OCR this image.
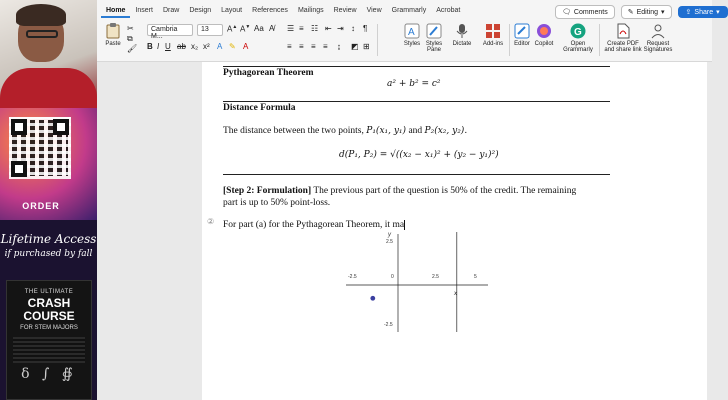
ORDER
Lifetime Access
if purchased by fall
THE ULTIMATE
CRASH COURSE
FOR STEM MAJORS
δ ∫ ∯
Home	Insert	Draw	Design	Layout	References	Mailings	Review	View	Grammarly	Acrobat	🗨 Comments	✎ Editing ▾	⇪ Share ▾
Paste
✂
⧉
🖌
Cambria M...
13	A▲ A▼ Aa A̸
B I U ab x₂ x² A ✎ A
☰ ≡ ☷ ⇤ ⇥ ↕ ¶
≡ ≡ ≡ ≡ ↨ ◩ ⊞
A
Styles Styles Pane
Dictate	Add-ins	Editor Copilot
G
Open
Grammarly
Create PDF
and share link
Request
Signatures
Pythagorean Theorem
a² + b² = c²
Distance Formula
The distance between the two points, P₁(x₁, y₁) and P₂(x₂, y₂).
d(P₁, P₂) = √((x₂ − x₁)² + (y₂ − y₁)²)
[Step 2: Formulation] The previous part of the question is 50% of the credit. The remaining
part is up to 50% point-loss.
② For part (a) for the Pythagorean Theorem, it ma
-2.5	0	2.5	5
2.5
-2.5
x
y
